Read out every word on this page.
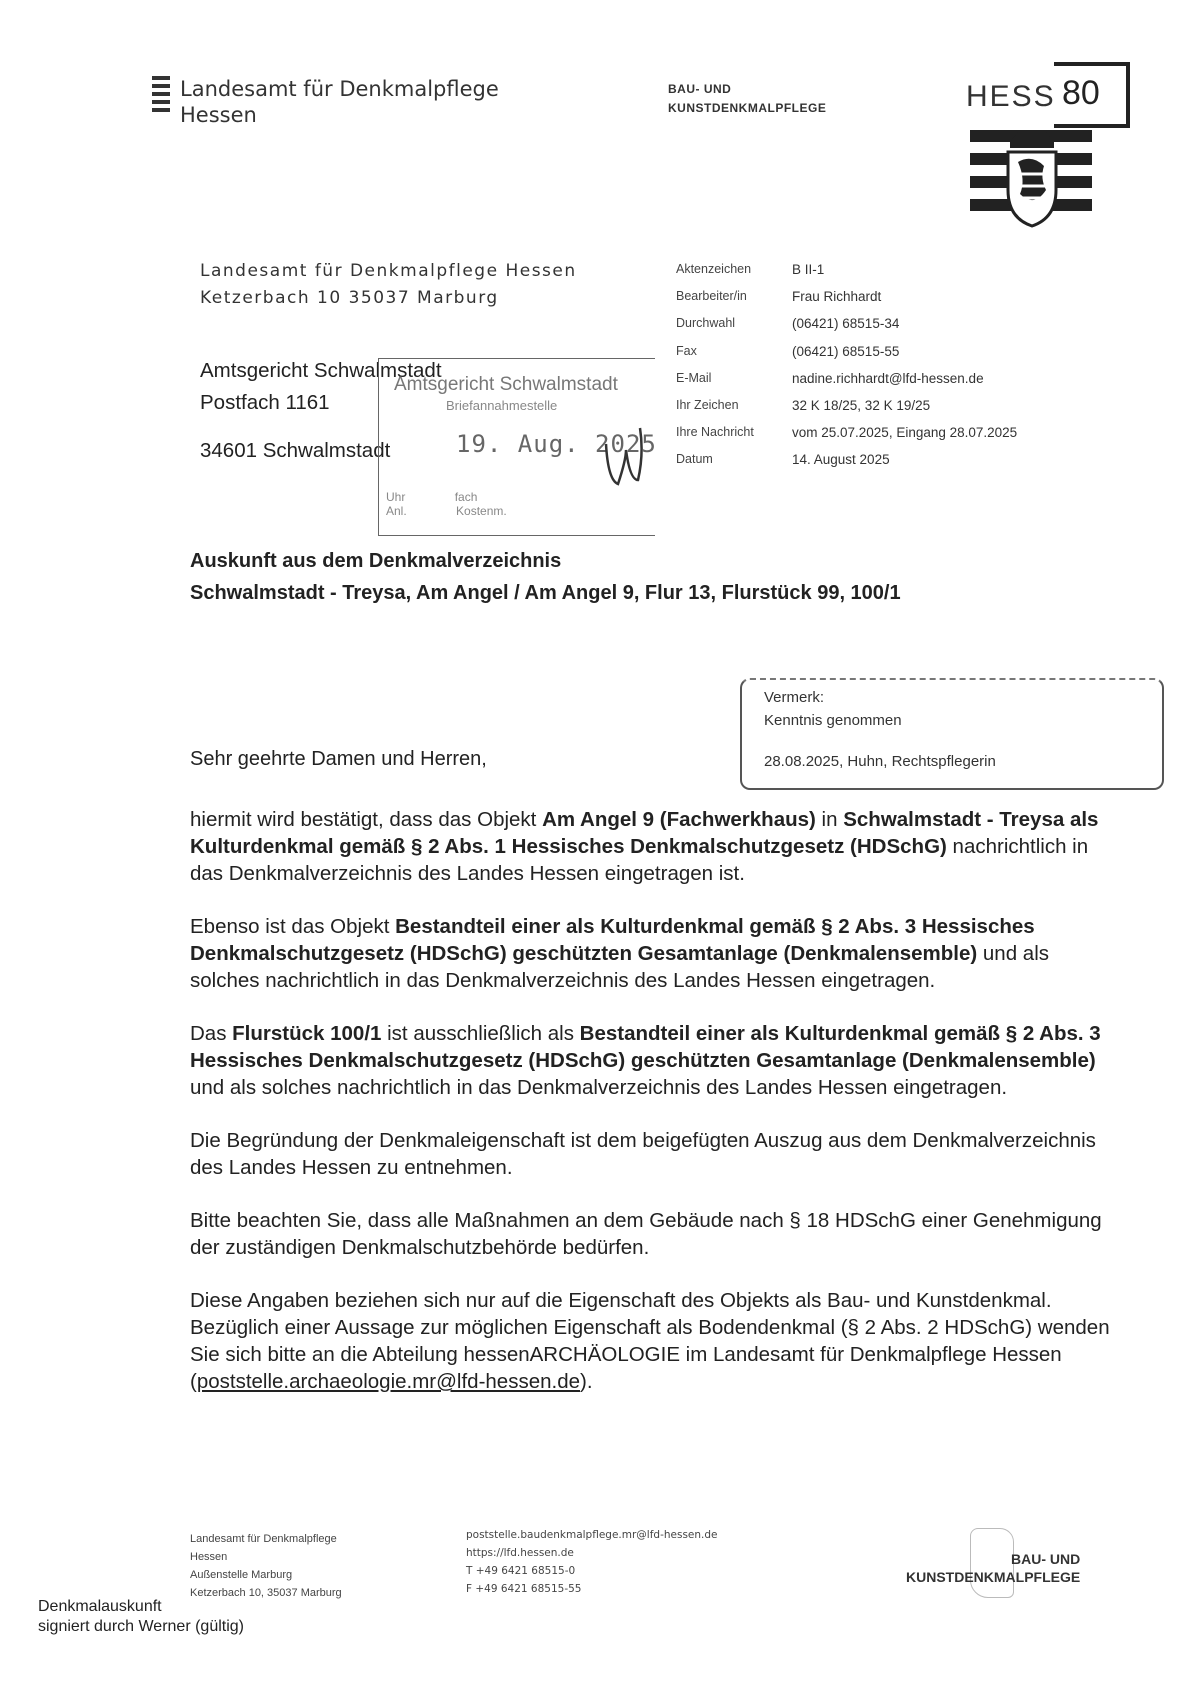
Landesamt für Denkmalpflege
Hessen
BAU- UND
KUNSTDENKMALPFLEGE	HESS 80
Landesamt für Denkmalpflege Hessen
Ketzerbach 10 35037 Marburg
Aktenzeichen	B II-1
Bearbeiter/in	Frau Richhardt
Durchwahl	(06421) 68515-34
Fax	(06421) 68515-55
E-Mail	nadine.richhardt@lfd-hessen.de
Ihr Zeichen	32 K 18/25, 32 K 19/25
Ihre Nachricht	vom 25.07.2025, Eingang 28.07.2025
Datum	14. August 2025
Amtsgericht Schwalmstadt
Postfach 1161
34601 Schwalmstadt
Amtsgericht Schwalmstadt
Briefannahmestelle
19. Aug. 2025
Uhr	fach
Anl.	Kostenm.
Auskunft aus dem Denkmalverzeichnis
Schwalmstadt - Treysa, Am Angel / Am Angel 9, Flur 13, Flurstück 99, 100/1
Vermerk:
Kenntnis genommen
28.08.2025, Huhn, Rechtspflegerin
Sehr geehrte Damen und Herren,

hiermit wird bestätigt, dass das Objekt Am Angel 9 (Fachwerkhaus) in Schwalmstadt - Treysa als Kulturdenkmal gemäß § 2 Abs. 1 Hessisches Denkmalschutzgesetz (HDSchG) nachrichtlich in das Denkmalverzeichnis des Landes Hessen eingetragen ist.

Ebenso ist das Objekt Bestandteil einer als Kulturdenkmal gemäß § 2 Abs. 3 Hessisches Denkmalschutzgesetz (HDSchG) geschützten Gesamtanlage (Denkmalensemble) und als solches nachrichtlich in das Denkmalverzeichnis des Landes Hessen eingetragen.

Das Flurstück 100/1 ist ausschließlich als Bestandteil einer als Kulturdenkmal gemäß § 2 Abs. 3 Hessisches Denkmalschutzgesetz (HDSchG) geschützten Gesamtanlage (Denkmalensemble) und als solches nachrichtlich in das Denkmalverzeichnis des Landes Hessen eingetragen.

Die Begründung der Denkmaleigenschaft ist dem beigefügten Auszug aus dem Denkmalverzeichnis des Landes Hessen zu entnehmen.

Bitte beachten Sie, dass alle Maßnahmen an dem Gebäude nach § 18 HDSchG einer Genehmigung der zuständigen Denkmalschutzbehörde bedürfen.

Diese Angaben beziehen sich nur auf die Eigenschaft des Objekts als Bau- und Kunstdenkmal. Bezüglich einer Aussage zur möglichen Eigenschaft als Bodendenkmal (§ 2 Abs. 2 HDSchG) wenden Sie sich bitte an die Abteilung hessenARCHÄOLOGIE im Landesamt für Denkmalpflege Hessen (poststelle.archaeologie.mr@lfd-hessen.de).

Landesamt für Denkmalpflege
Hessen
Außenstelle Marburg
Ketzerbach 10, 35037 Marburg
poststelle.baudenkmalpflege.mr@lfd-hessen.de
https://lfd.hessen.de
T +49 6421 68515-0
F +49 6421 68515-55
BAU- UND
KUNSTDENKMALPFLEGE
Denkmalauskunft
signiert durch Werner (gültig)
